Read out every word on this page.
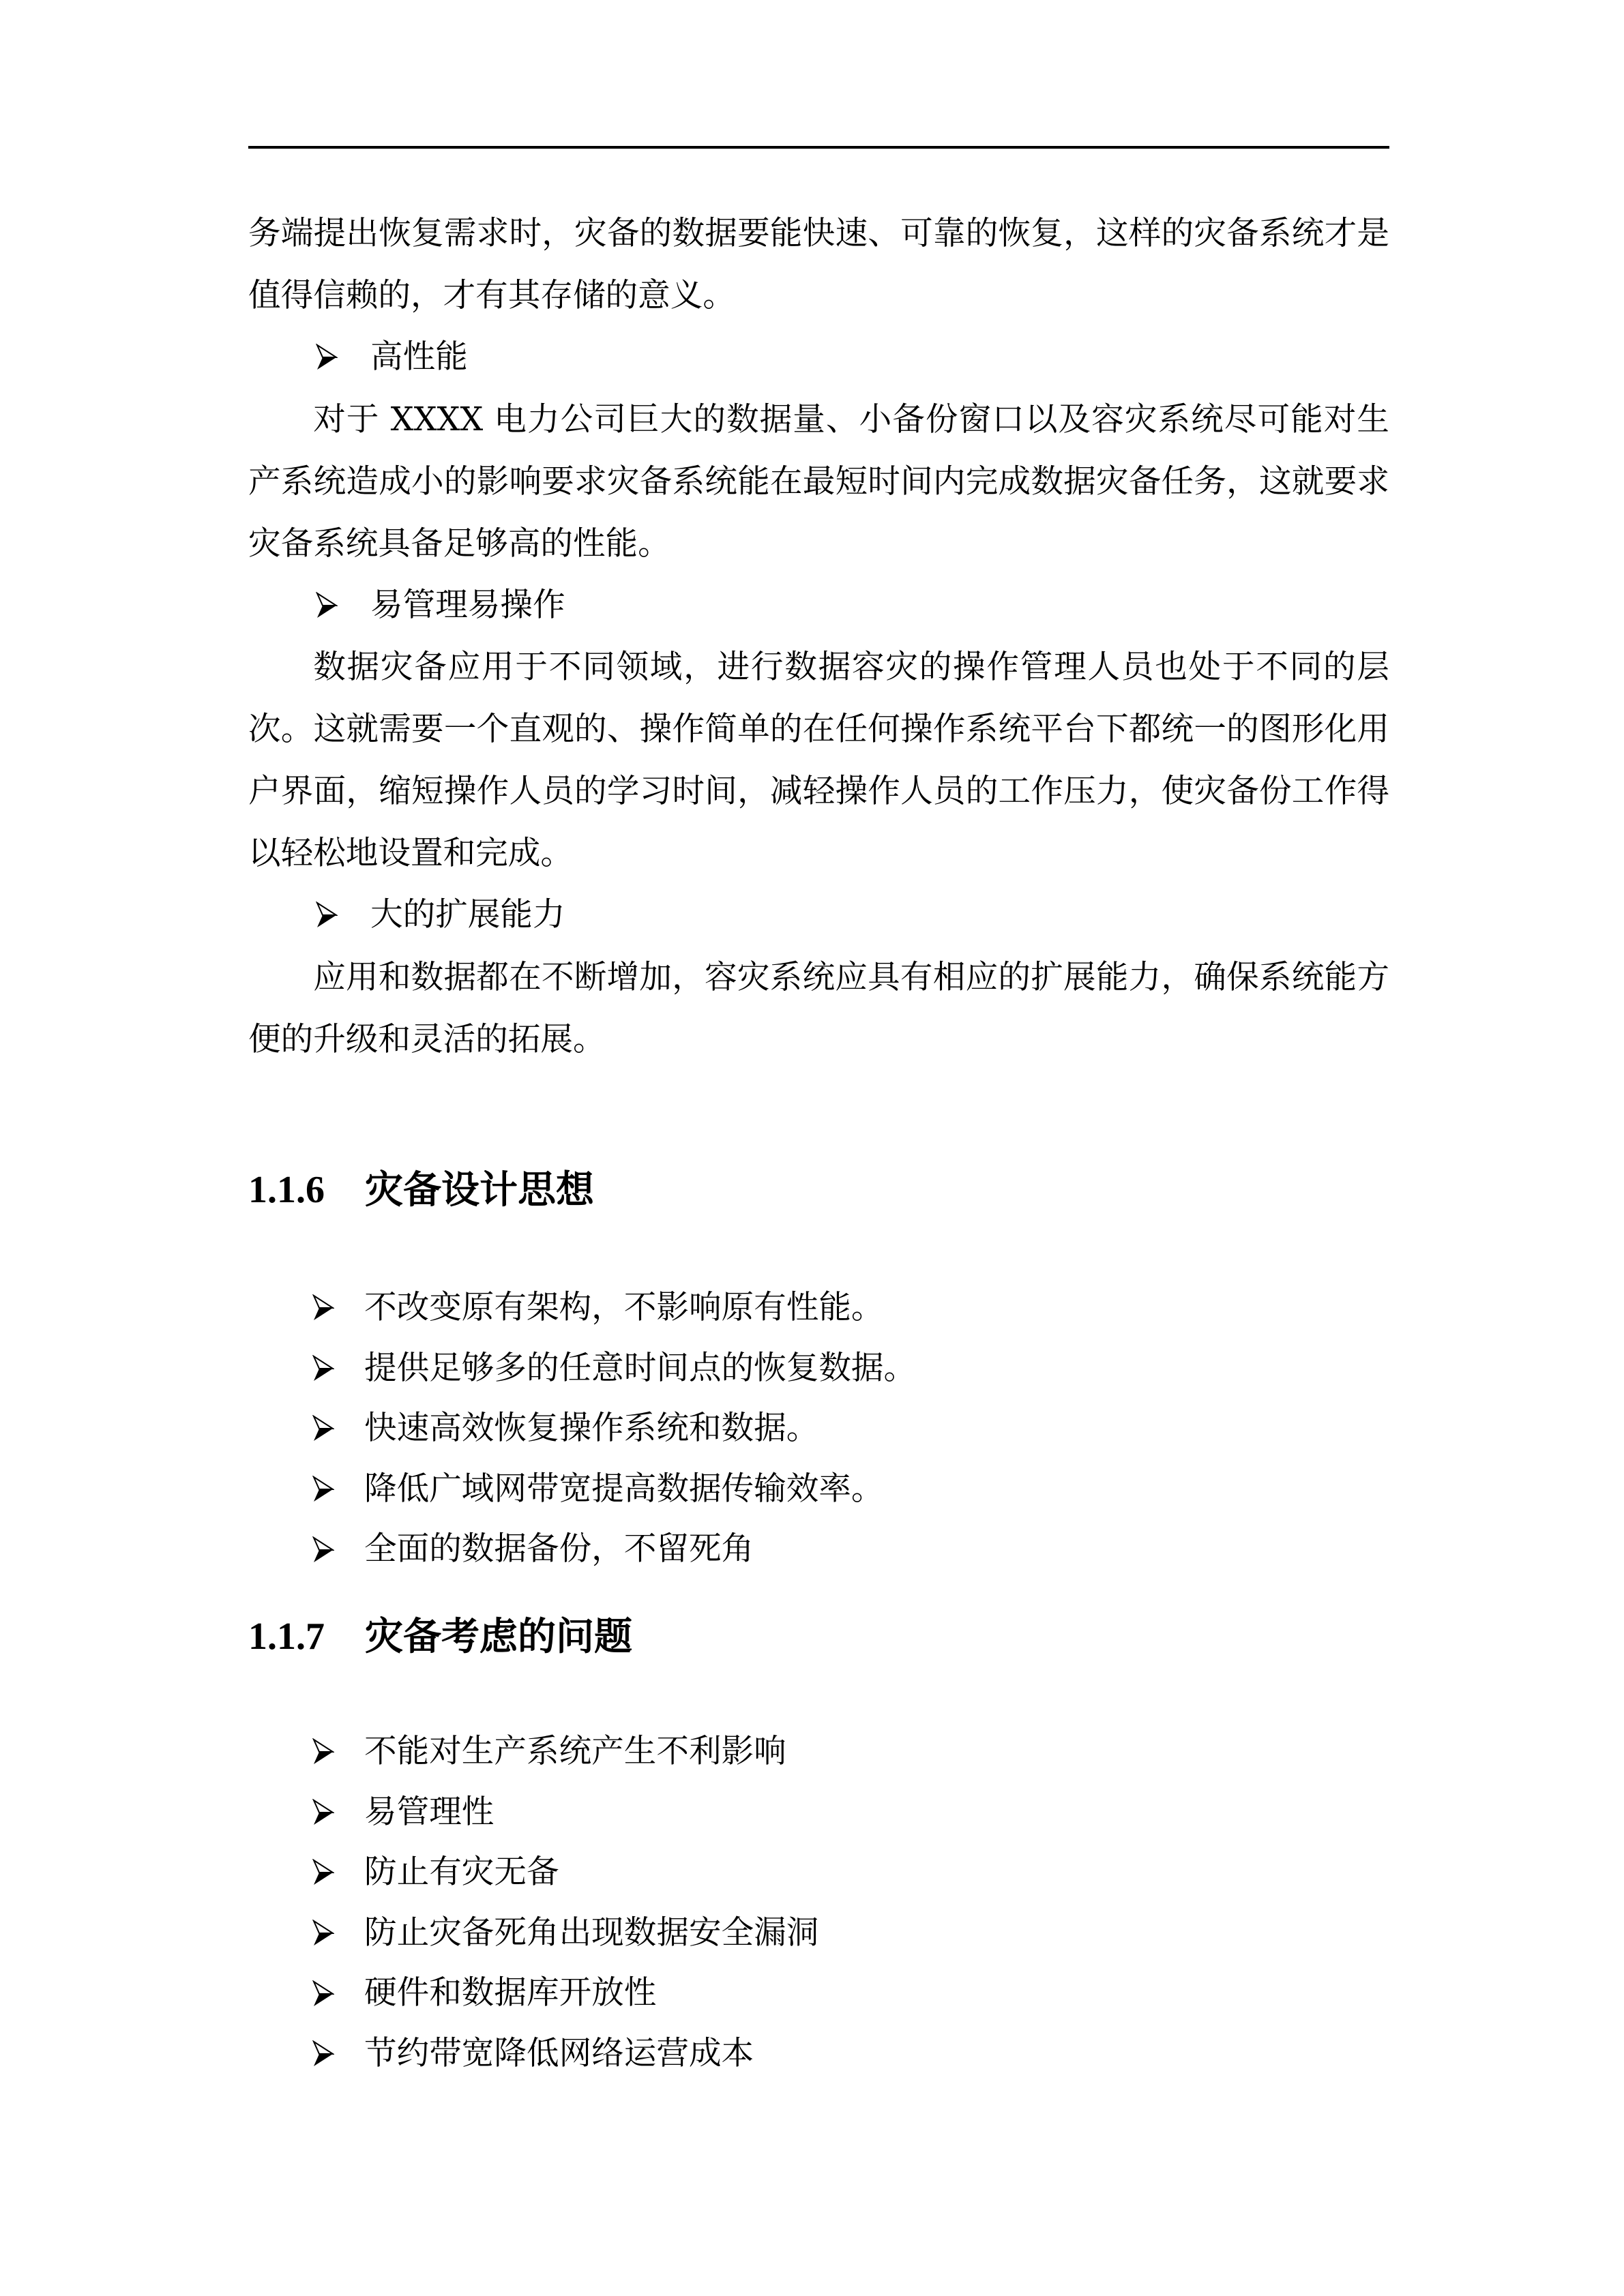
务端提出恢复需求时，灾备的数据要能快速、可靠的恢复，这样的灾备系统才是值得信赖的，才有其存储的意义。

高性能

对于 XXXX 电力公司巨大的数据量、小备份窗口以及容灾系统尽可能对生产系统造成小的影响要求灾备系统能在最短时间内完成数据灾备任务，这就要求灾备系统具备足够高的性能。

易管理易操作

数据灾备应用于不同领域，进行数据容灾的操作管理人员也处于不同的层次。这就需要一个直观的、操作简单的在任何操作系统平台下都统一的图形化用户界面，缩短操作人员的学习时间，减轻操作人员的工作压力，使灾备份工作得以轻松地设置和完成。

大的扩展能力

应用和数据都在不断增加，容灾系统应具有相应的扩展能力，确保系统能方便的升级和灵活的拓展。

1.1.6	灾备设计思想
不改变原有架构，不影响原有性能。
提供足够多的任意时间点的恢复数据。
快速高效恢复操作系统和数据。
降低广域网带宽提高数据传输效率。
全面的数据备份，不留死角
1.1.7	灾备考虑的问题
不能对生产系统产生不利影响
易管理性
防止有灾无备
防止灾备死角出现数据安全漏洞
硬件和数据库开放性
节约带宽降低网络运营成本
